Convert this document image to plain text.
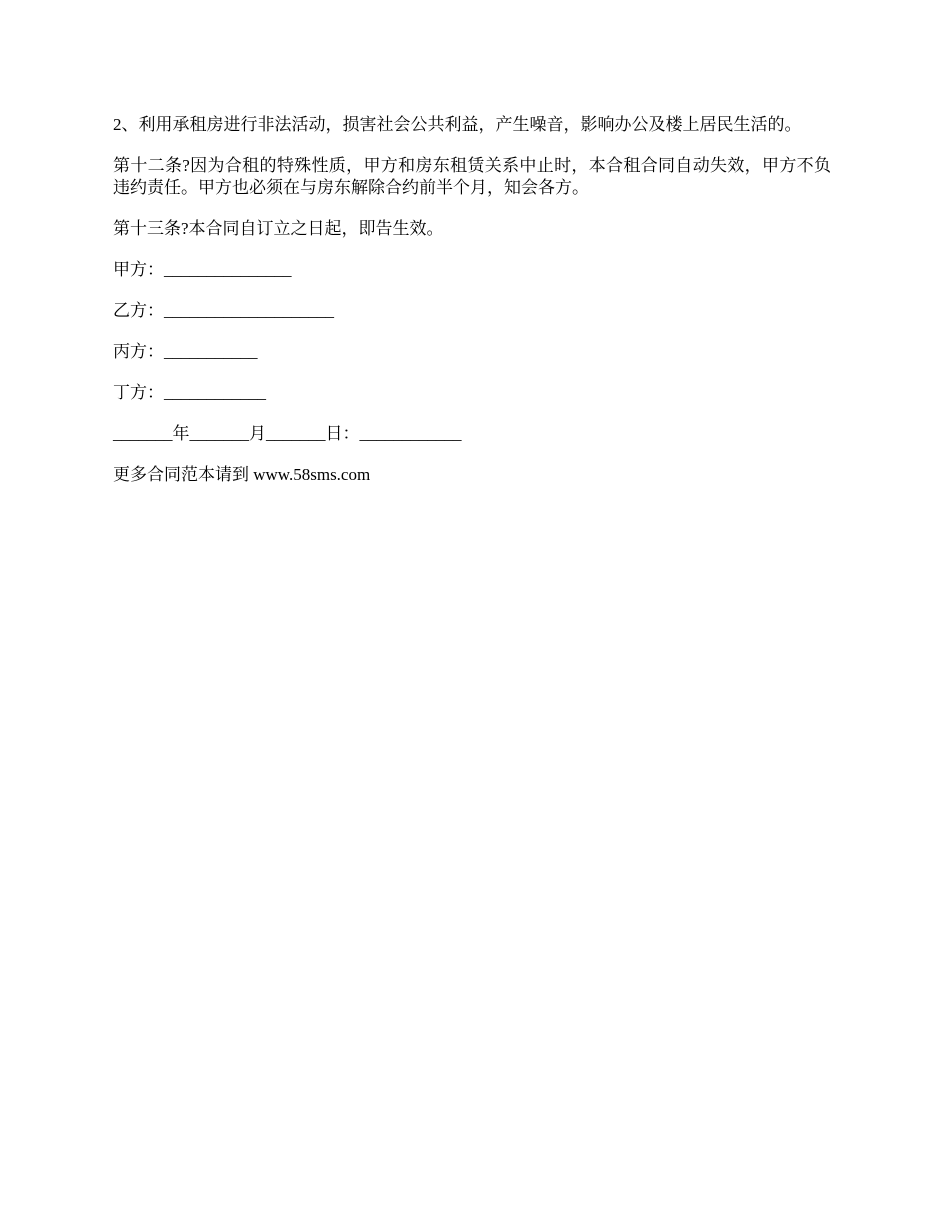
2、利用承租房进行非法活动，损害社会公共利益，产生噪音，影响办公及楼上居民生活的。

第十二条?因为合租的特殊性质，甲方和房东租赁关系中止时，本合租合同自动失效，甲方不负违约责任。甲方也必须在与房东解除合约前半个月，知会各方。

第十三条?本合同自订立之日起，即告生效。

甲方：_______________

乙方：____________________

丙方：___________

丁方：____________

_______年_______月_______日：____________

更多合同范本请到 www.58sms.com
